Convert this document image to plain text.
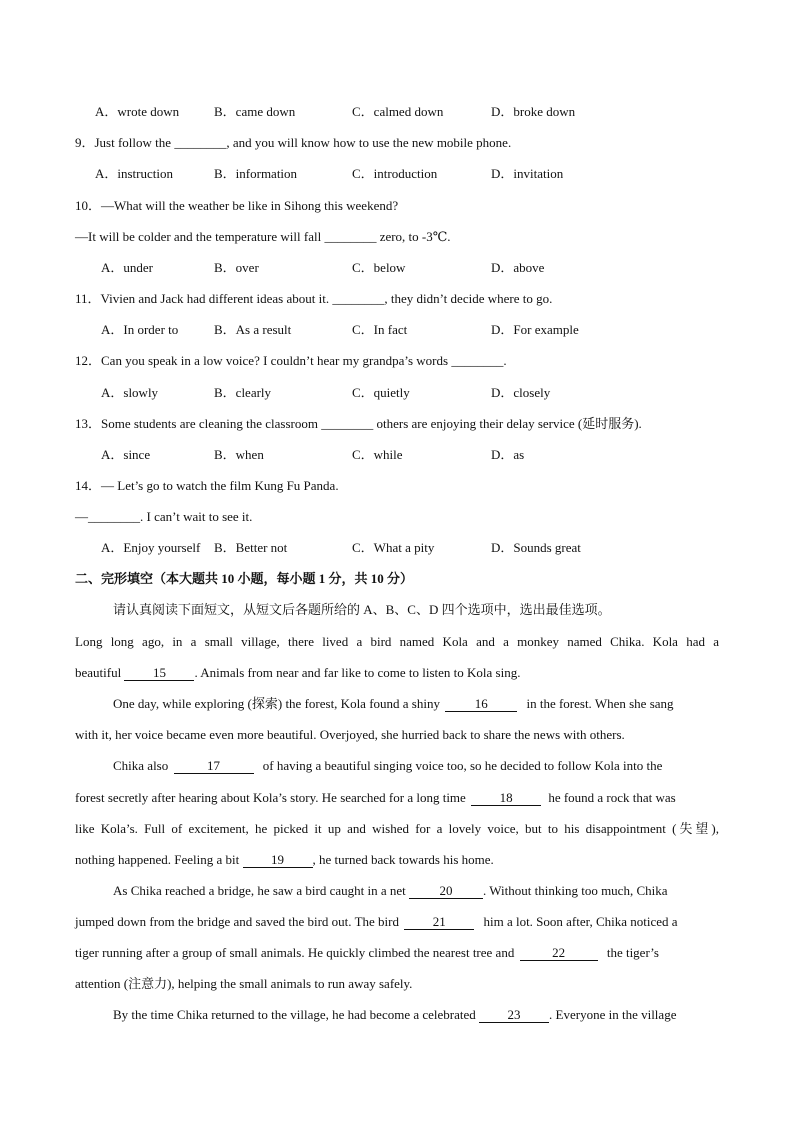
A．wrote down	B．came down	C．calmed down	D．broke down
9．Just follow the ________, and you will know how to use the new mobile phone.
A．instruction	B．information	C．introduction	D．invitation
10．—What will the weather be like in Sihong this weekend?
—It will be colder and the temperature will fall ________ zero, to -3℃.
A．under	B．over	C．below	D．above
11．Vivien and Jack had different ideas about it. ________, they didn’t decide where to go.
A．In order to	B．As a result	C．In fact	D．For example
12．Can you speak in a low voice? I couldn’t hear my grandpa’s words ________.
A．slowly	B．clearly	C．quietly	D．closely
13．Some students are cleaning the classroom ________ others are enjoying their delay service (延时服务).
A．since	B．when	C．while	D．as
14．— Let’s go to watch the film Kung Fu Panda.
—________. I can’t wait to see it.
A．Enjoy yourself B．Better not	C．What a pity	D．Sounds great
二、完形填空（本大题共 10 小题，每小题 1 分，共 10 分）
请认真阅读下面短文，从短文后各题所给的 A、B、C、D 四个选项中，选出最佳选项。
Long long ago, in a small village, there lived a bird named Kola and a monkey named Chika. Kola had a
beautiful 15 . Animals from near and far like to come to listen to Kola sing.
One day, while exploring (探索) the forest, Kola found a shiny 16	in the forest. When she sang
with it, her voice became even more beautiful. Overjoyed, she hurried back to share the news with others.
Chika also	17	of having a beautiful singing voice too, so he decided to follow Kola into the
forest secretly after hearing about Kola’s story. He searched for a long time 18	he found a rock that was
like Kola’s. Full of excitement, he picked it up and wished for a lovely voice, but to his disappointment (失望),
nothing happened. Feeling a bit 19 , he turned back towards his home.
As Chika reached a bridge, he saw a bird caught in a net 20 . Without thinking too much, Chika
jumped down from the bridge and saved the bird out. The bird 21	him a lot. Soon after, Chika noticed a
tiger running after a group of small animals. He quickly climbed the nearest tree and	22	the tiger’s
attention (注意力), helping the small animals to run away safely.
By the time Chika returned to the village, he had become a celebrated 23 . Everyone in the village
